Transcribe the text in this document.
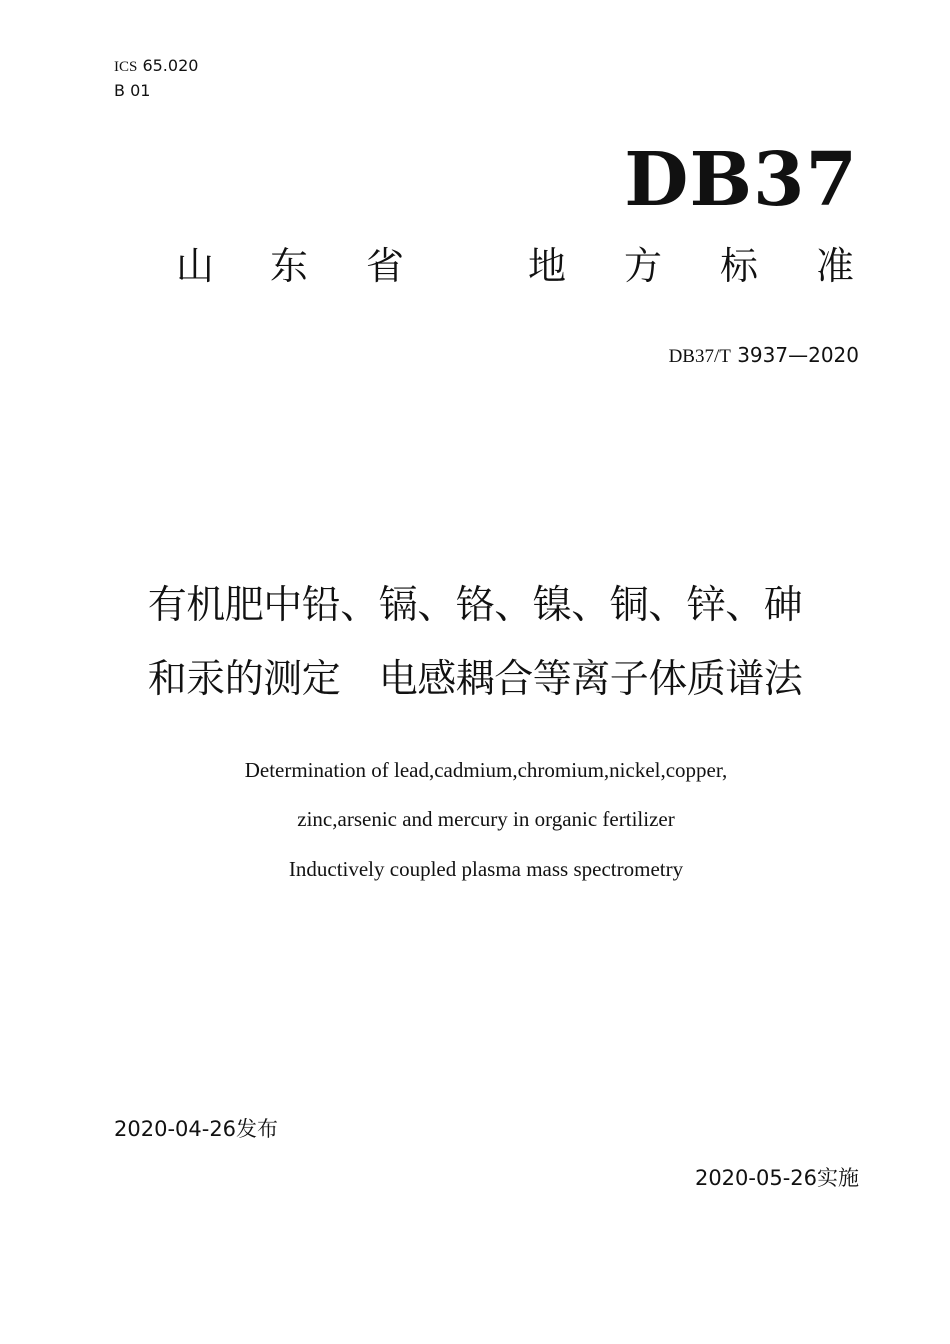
ICS 65.020
B 01
DB37
山 东 省	地 方 标 准
DB37/T 3937—2020
有机肥中铅、镉、铬、镍、铜、锌、砷
和汞的测定　电感耦合等离子体质谱法
Determination of lead,cadmium,chromium,nickel,copper,
zinc,arsenic and mercury in organic fertilizer
Inductively coupled plasma mass spectrometry
2020-04-26发布
2020-05-26实施
